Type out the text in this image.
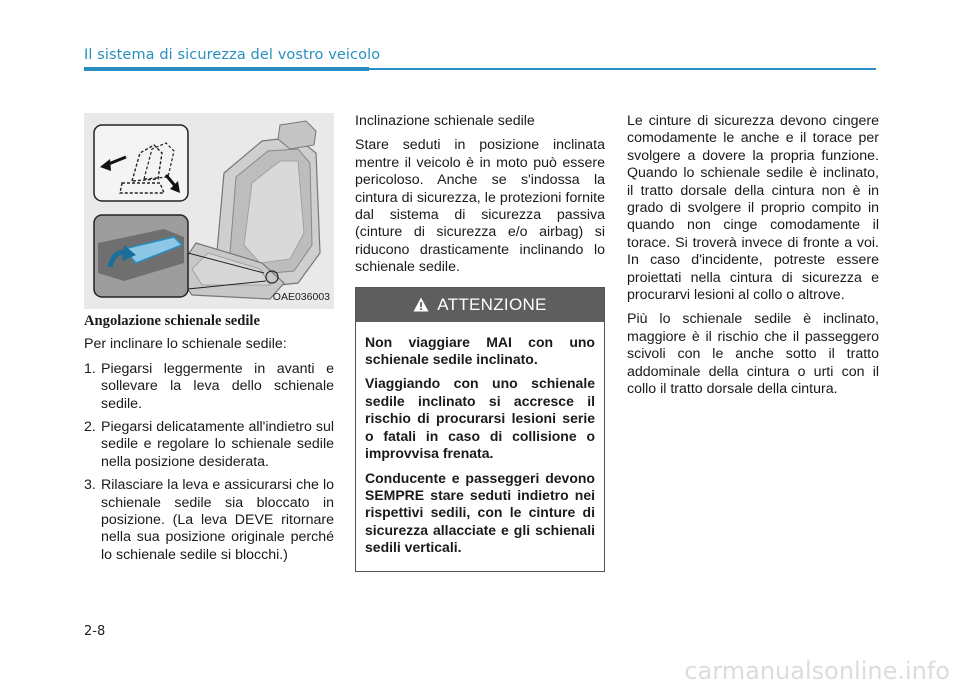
Il sistema di sicurezza del vostro veicolo
OAE036003
Angolazione schienale sedile

Per inclinare lo schienale sedile:

1. Piegarsi leggermente in avanti e sollevare la leva dello schienale sedile.
2. Piegarsi delicatamente all'indietro sul sedile e regolare lo schienale sedile nella posizione desiderata.
3. Rilasciare la leva e assicurarsi che lo schienale sedile sia bloccato in posizione. (La leva DEVE ritornare nella sua posizione originale perché lo schienale sedile si blocchi.)

Inclinazione schienale sedile

Stare seduti in posizione inclinata mentre il veicolo è in moto può essere pericoloso. Anche se s'indossa la cintura di sicurezza, le protezioni fornite dal sistema di sicurezza passiva (cinture di sicurezza e/o airbag) si riducono drasticamente inclinando lo schienale sedile.

ATTENZIONE

Non viaggiare MAI con uno schienale sedile inclinato.

Viaggiando con uno schienale sedile inclinato si accresce il rischio di procurarsi lesioni serie o fatali in caso di collisione o improvvisa frenata.

Conducente e passeggeri devono SEMPRE stare seduti indietro nei rispettivi sedili, con le cinture di sicurezza allacciate e gli schienali sedili verticali.

Le cinture di sicurezza devono cingere comodamente le anche e il torace per svolgere a dovere la propria funzione. Quando lo schienale sedile è inclinato, il tratto dorsale della cintura non è in grado di svolgere il proprio compito in quando non cinge comodamente il torace. Si troverà invece di fronte a voi. In caso d'incidente, potreste essere proiettati nella cintura di sicurezza e procurarvi lesioni al collo o altrove.

Più lo schienale sedile è inclinato, maggiore è il rischio che il passeggero scivoli con le anche sotto il tratto addominale della cintura o urti con il collo il tratto dorsale della cintura.

2-8
carmanualsonline.info
